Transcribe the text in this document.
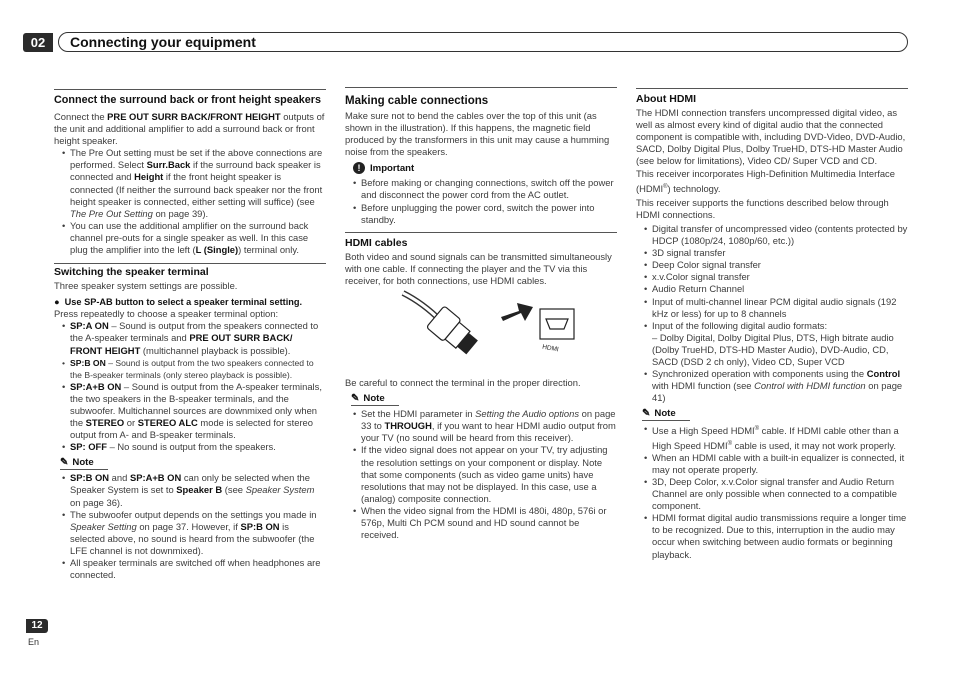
02	Connecting your equipment
Connect the surround back or front height speakers

Connect the PRE OUT SURR BACK/FRONT HEIGHT outputs of the unit and additional amplifier to add a surround back or front height speaker.

• The Pre Out setting must be set if the above connections are performed. Select Surr.Back if the surround back speaker is connected and Height if the front height speaker is connected (If neither the surround back speaker nor the front height speaker is connected, either setting will suffice) (see The Pre Out Setting on page 39).
• You can use the additional amplifier on the surround back channel pre-outs for a single speaker as well. In this case plug the amplifier into the left (L (Single)) terminal only.
Switching the speaker terminal

Three speaker system settings are possible.

●  Use SP-AB button to select a speaker terminal setting.

Press repeatedly to choose a speaker terminal option:

• SP:A ON – Sound is output from the speakers connected to the A-speaker terminals and PRE OUT SURR BACK/ FRONT HEIGHT (multichannel playback is possible).
• SP:B ON – Sound is output from the two speakers connected to the B-speaker terminals (only stereo playback is possible).
• SP:A+B ON – Sound is output from the A-speaker terminals, the two speakers in the B-speaker terminals, and the subwoofer. Multichannel sources are downmixed only when the STEREO or STEREO ALC mode is selected for stereo output from A- and B-speaker terminals.
• SP: OFF – No sound is output from the speakers.
✎ Note
• SP:B ON and SP:A+B ON can only be selected when the Speaker System is set to Speaker B (see Speaker System on page 36).
• The subwoofer output depends on the settings you made in Speaker Setting on page 37. However, if SP:B ON is selected above, no sound is heard from the subwoofer (the LFE channel is not downmixed).
• All speaker terminals are switched off when headphones are connected.
Making cable connections

Make sure not to bend the cables over the top of this unit (as shown in the illustration). If this happens, the magnetic field produced by the transformers in this unit may cause a humming noise from the speakers.

! Important
• Before making or changing connections, switch off the power and disconnect the power cord from the AC outlet.
• Before unplugging the power cord, switch the power into standby.
HDMI cables

Both video and sound signals can be transmitted simultaneously with one cable. If connecting the player and the TV via this receiver, for both connections, use HDMI cables.

HDMI

Be careful to connect the terminal in the proper direction.

✎ Note
• Set the HDMI parameter in Setting the Audio options on page 33 to THROUGH, if you want to hear HDMI audio output from your TV (no sound will be heard from this receiver).
• If the video signal does not appear on your TV, try adjusting the resolution settings on your component or display. Note that some components (such as video game units) have resolutions that may not be displayed. In this case, use a (analog) composite connection.
• When the video signal from the HDMI is 480i, 480p, 576i or 576p, Multi Ch PCM sound and HD sound cannot be received.
About HDMI

The HDMI connection transfers uncompressed digital video, as well as almost every kind of digital audio that the connected component is compatible with, including DVD-Video, DVD-Audio, SACD, Dolby Digital Plus, Dolby TrueHD, DTS-HD Master Audio (see below for limitations), Video CD/ Super VCD and CD.

This receiver incorporates High-Definition Multimedia Interface (HDMI®) technology.

This receiver supports the functions described below through HDMI connections.

• Digital transfer of uncompressed video (contents protected by HDCP (1080p/24, 1080p/60, etc.))
• 3D signal transfer
• Deep Color signal transfer
• x.v.Color signal transfer
• Audio Return Channel
• Input of multi-channel linear PCM digital audio signals (192 kHz or less) for up to 8 channels
• Input of the following digital audio formats:
– Dolby Digital, Dolby Digital Plus, DTS, High bitrate audio (Dolby TrueHD, DTS-HD Master Audio), DVD-Audio, CD, SACD (DSD 2 ch only), Video CD, Super VCD
• Synchronized operation with components using the Control with HDMI function (see Control with HDMI function on page 41)
✎ Note
• Use a High Speed HDMI® cable. If HDMI cable other than a High Speed HDMI® cable is used, it may not work properly.
• When an HDMI cable with a built-in equalizer is connected, it may not operate properly.
• 3D, Deep Color, x.v.Color signal transfer and Audio Return Channel are only possible when connected to a compatible component.
• HDMI format digital audio transmissions require a longer time to be recognized. Due to this, interruption in the audio may occur when switching between audio formats or beginning playback.
12
En
